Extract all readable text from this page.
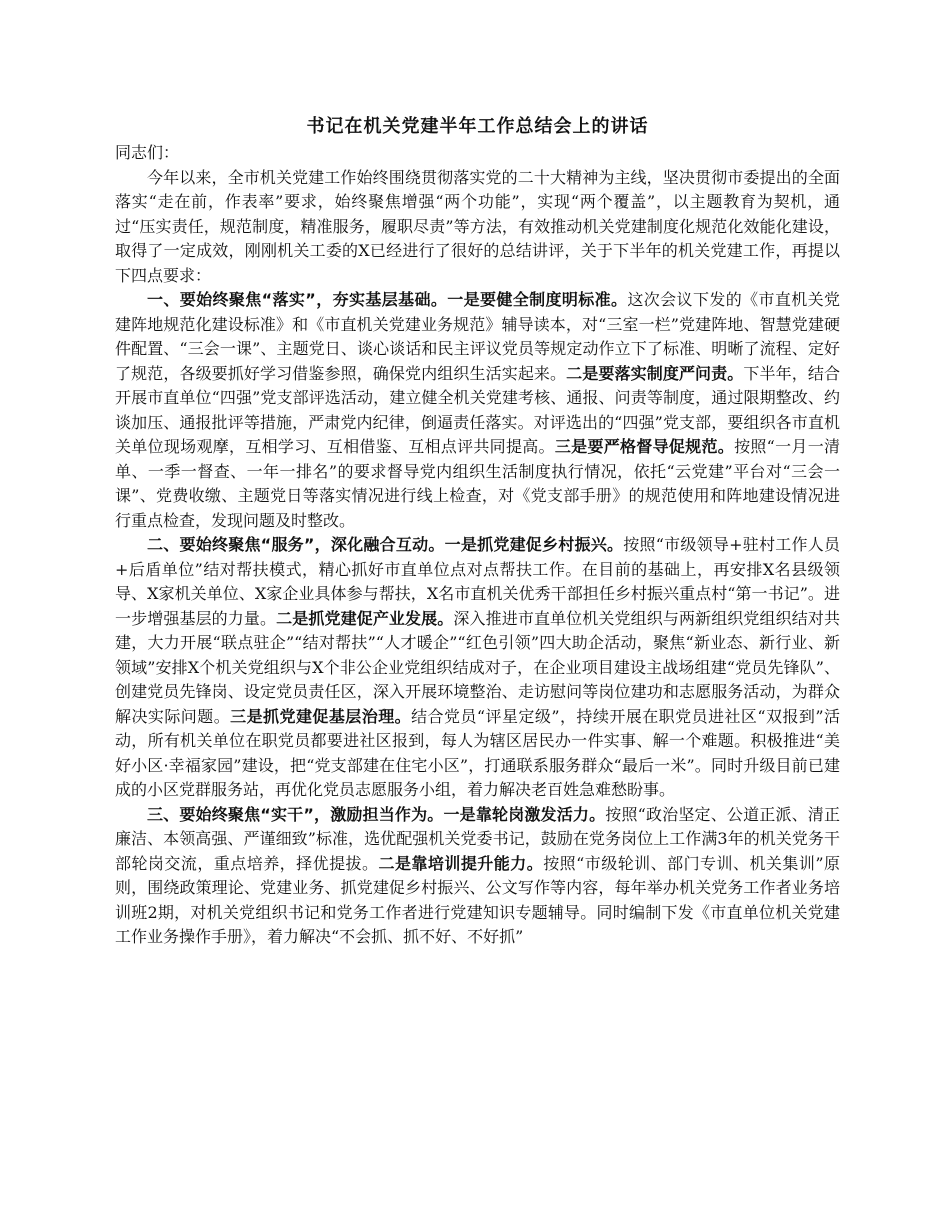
书记在机关党建半年工作总结会上的讲话

同志们：

今年以来，全市机关党建工作始终围绕贯彻落实党的二十大精神为主线，坚决贯彻市委提出的全面落实“走在前，作表率”要求，始终聚焦增强“两个功能”，实现“两个覆盖”，以主题教育为契机，通过“压实责任，规范制度，精准服务，履职尽责”等方法，有效推动机关党建制度化规范化效能化建设，取得了一定成效，刚刚机关工委的X已经进行了很好的总结讲评，关于下半年的机关党建工作，再提以下四点要求：

一、要始终聚焦“落实”，夯实基层基础。一是要健全制度明标准。这次会议下发的《市直机关党建阵地规范化建设标准》和《市直机关党建业务规范》辅导读本，对“三室一栏”党建阵地、智慧党建硬件配置、“三会一课”、主题党日、谈心谈话和民主评议党员等规定动作立下了标准、明晰了流程、定好了规范，各级要抓好学习借鉴参照，确保党内组织生活实起来。二是要落实制度严问责。下半年，结合开展市直单位“四强”党支部评选活动，建立健全机关党建考核、通报、问责等制度，通过限期整改、约谈加压、通报批评等措施，严肃党内纪律，倒逼责任落实。对评选出的“四强”党支部，要组织各市直机关单位现场观摩，互相学习、互相借鉴、互相点评共同提高。三是要严格督导促规范。按照“一月一清单、一季一督查、一年一排名”的要求督导党内组织生活制度执行情况，依托“云党建”平台对“三会一课”、党费收缴、主题党日等落实情况进行线上检查，对《党支部手册》的规范使用和阵地建设情况进行重点检查，发现问题及时整改。

二、要始终聚焦“服务”，深化融合互动。一是抓党建促乡村振兴。按照“市级领导+驻村工作人员+后盾单位”结对帮扶模式，精心抓好市直单位点对点帮扶工作。在目前的基础上，再安排X名县级领导、X家机关单位、X家企业具体参与帮扶，X名市直机关优秀干部担任乡村振兴重点村“第一书记”。进一步增强基层的力量。二是抓党建促产业发展。深入推进市直单位机关党组织与两新组织党组织结对共建，大力开展“联点驻企”“结对帮扶”“人才暖企”“红色引领”四大助企活动，聚焦“新业态、新行业、新领域”安排X个机关党组织与X个非公企业党组织结成对子，在企业项目建设主战场组建“党员先锋队”、创建党员先锋岗、设定党员责任区，深入开展环境整治、走访慰问等岗位建功和志愿服务活动，为群众解决实际问题。三是抓党建促基层治理。结合党员“评星定级”，持续开展在职党员进社区“双报到”活动，所有机关单位在职党员都要进社区报到，每人为辖区居民办一件实事、解一个难题。积极推进“美好小区·幸福家园”建设，把“党支部建在住宅小区”，打通联系服务群众“最后一米”。同时升级目前已建成的小区党群服务站，再优化党员志愿服务小组，着力解决老百姓急难愁盼事。

三、要始终聚焦“实干”，激励担当作为。一是靠轮岗激发活力。按照“政治坚定、公道正派、清正廉洁、本领高强、严谨细致”标准，选优配强机关党委书记，鼓励在党务岗位上工作满3年的机关党务干部轮岗交流，重点培养，择优提拔。二是靠培训提升能力。按照“市级轮训、部门专训、机关集训”原则，围绕政策理论、党建业务、抓党建促乡村振兴、公文写作等内容，每年举办机关党务工作者业务培训班2期，对机关党组织书记和党务工作者进行党建知识专题辅导。同时编制下发《市直单位机关党建工作业务操作手册》，着力解决“不会抓、抓不好、不好抓”
